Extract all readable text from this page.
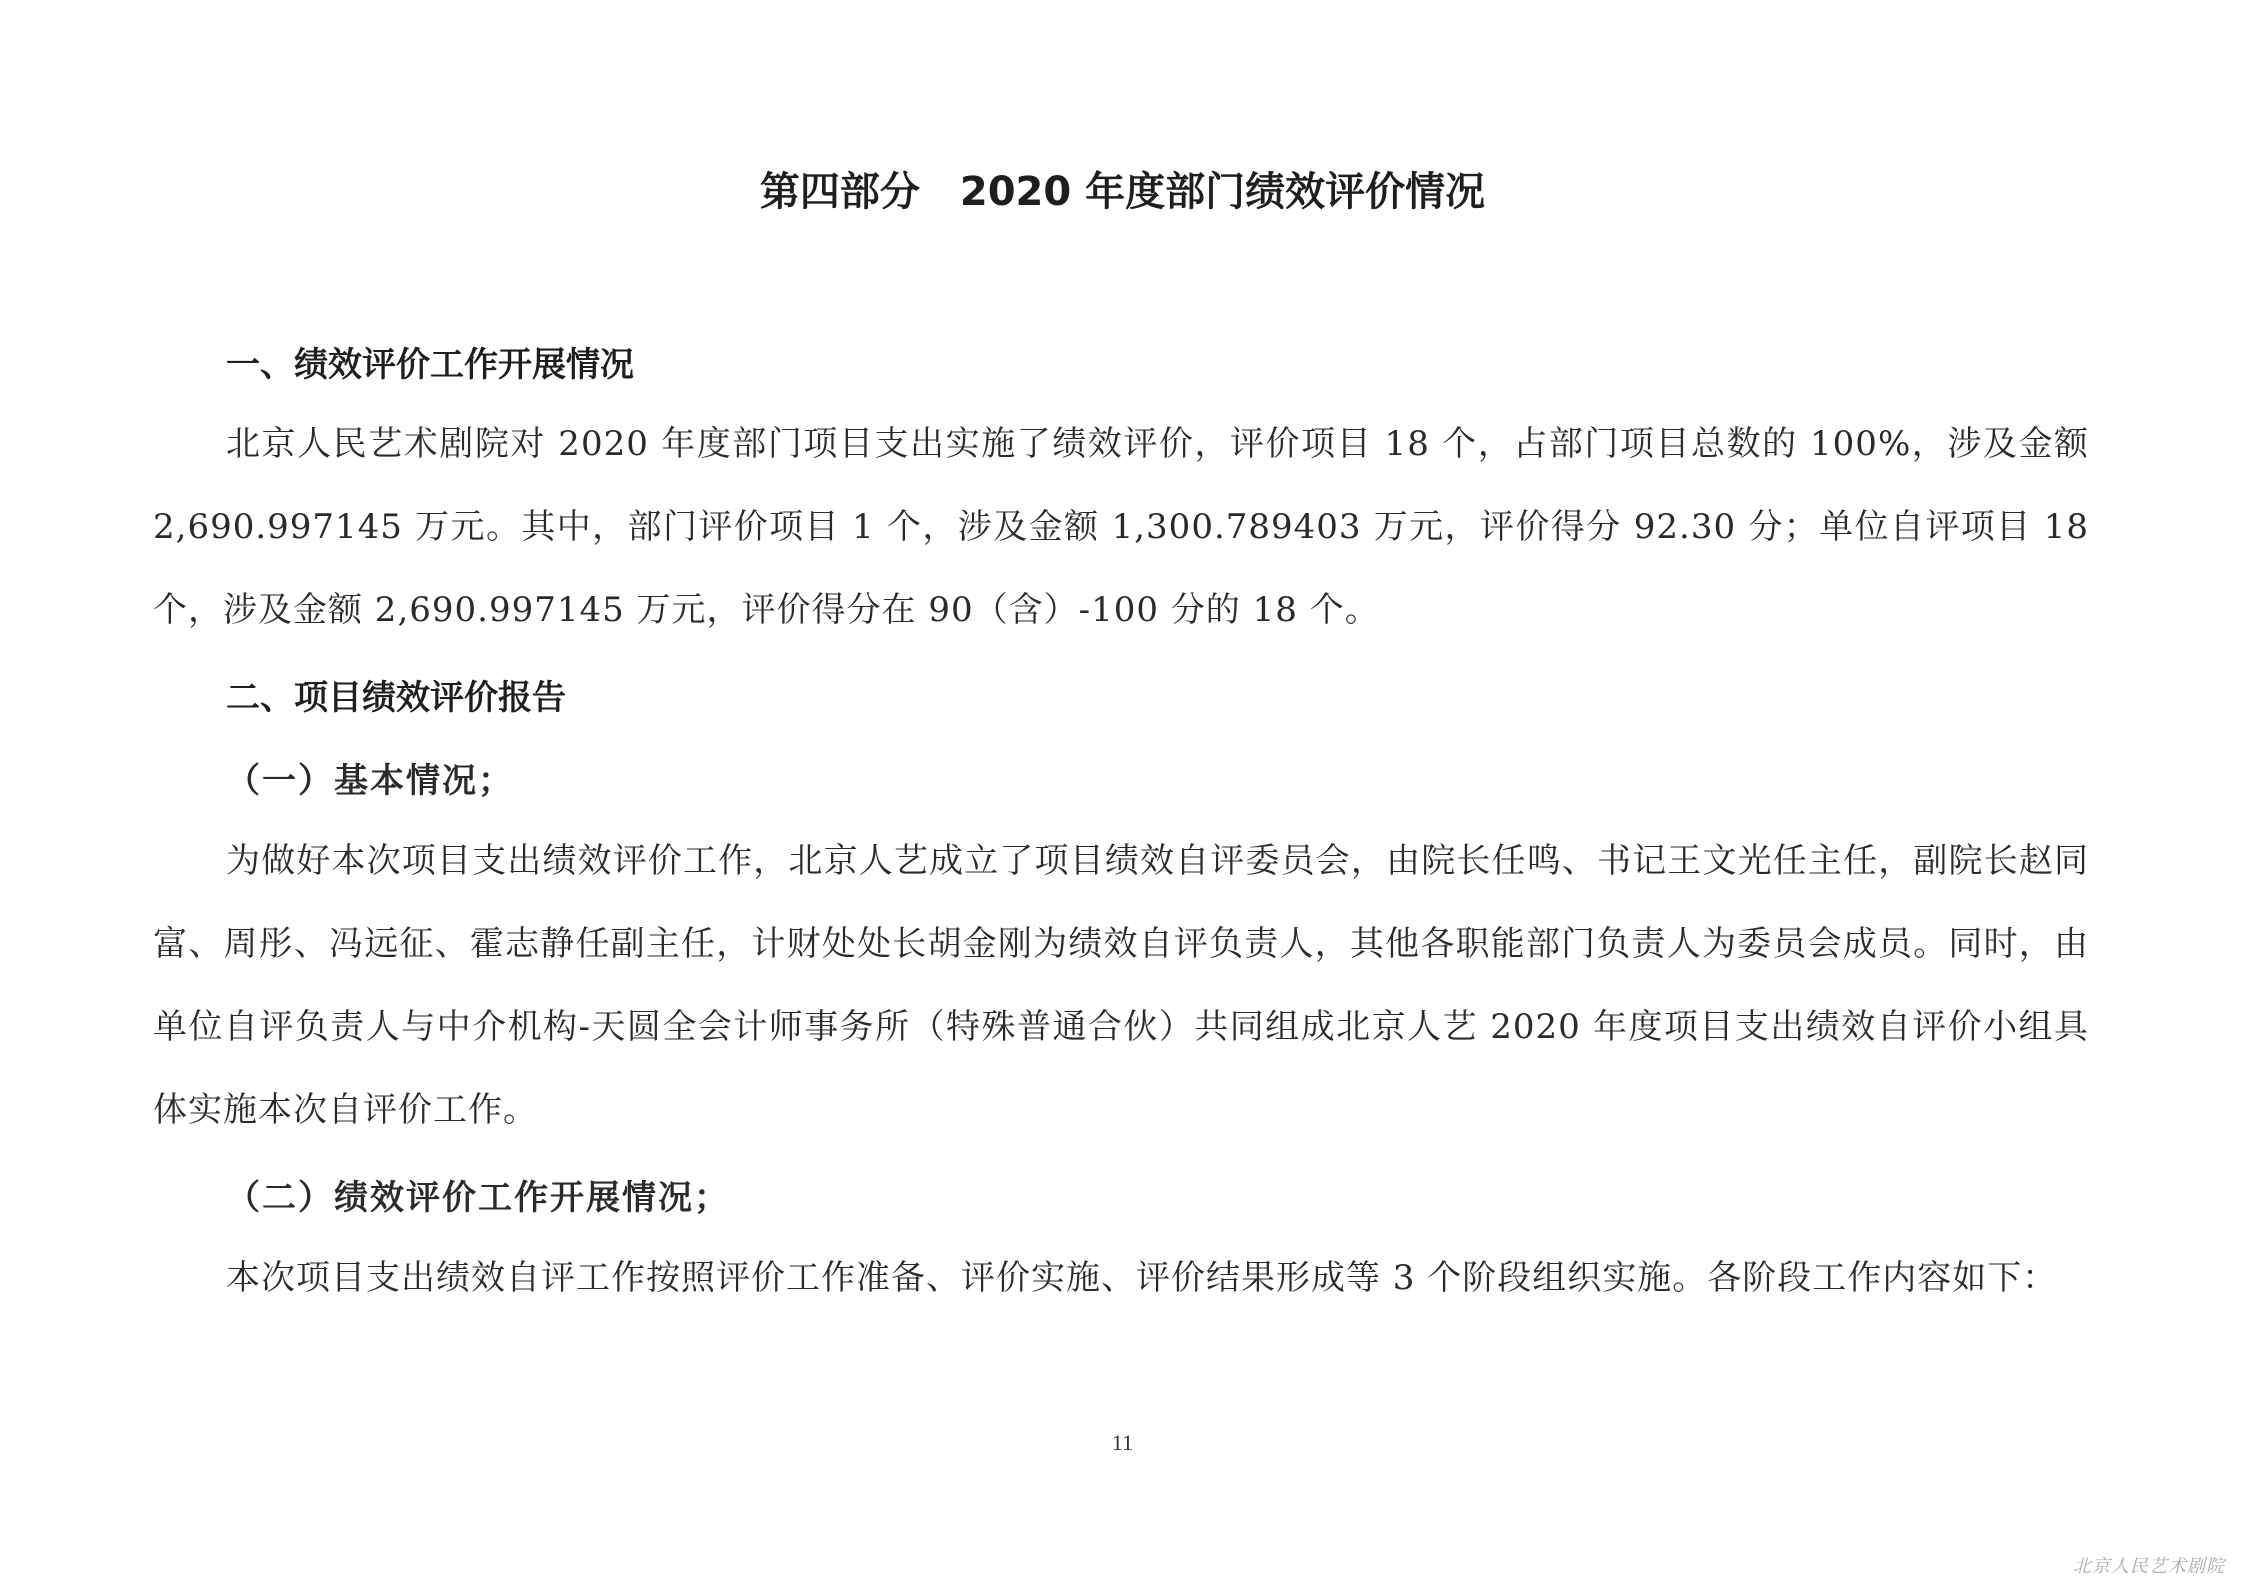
第四部分　2020 年度部门绩效评价情况
一、绩效评价工作开展情况

北京人民艺术剧院对 2020 年度部门项目支出实施了绩效评价，评价项目 18 个，占部门项目总数的 100%，涉及金额 2,690.997145 万元。其中，部门评价项目 1 个，涉及金额 1,300.789403 万元，评价得分 92.30 分；单位自评项目 18 个，涉及金额 2,690.997145 万元，评价得分在 90（含）-100 分的 18 个。

二、项目绩效评价报告
（一）基本情况；

为做好本次项目支出绩效评价工作，北京人艺成立了项目绩效自评委员会，由院长任鸣、书记王文光任主任，副院长赵同富、周彤、冯远征、霍志静任副主任，计财处处长胡金刚为绩效自评负责人，其他各职能部门负责人为委员会成员。同时，由单位自评负责人与中介机构-天圆全会计师事务所（特殊普通合伙）共同组成北京人艺 2020 年度项目支出绩效自评价小组具体实施本次自评价工作。

（二）绩效评价工作开展情况；

本次项目支出绩效自评工作按照评价工作准备、评价实施、评价结果形成等 3 个阶段组织实施。各阶段工作内容如下：

11
北京人民艺术剧院
